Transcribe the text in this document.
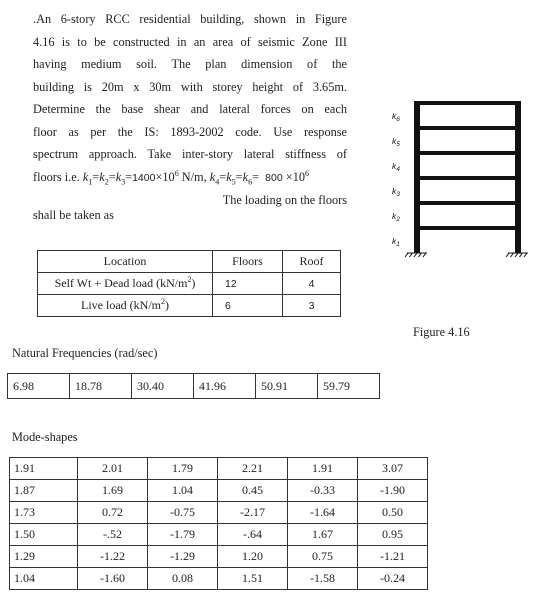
.An 6-story RCC residential building, shown in Figure
4.16 is to be constructed in an area of seismic Zone III
having medium soil. The plan dimension of the
building is 20m x 30m with storey height of 3.65m.
Determine the base shear and lateral forces on each
floor as per the IS: 1893-2002 code. Use response
spectrum approach. Take inter-story lateral stiffness of
floors i.e. $k_1=k_2=k_3=1400\times 10^6$ N/m, $k_4=k_5=k_6= 800 \times 10^6$
The loading on the floors
shall be taken as
Location	Floors	Roof
Self Wt + Dead load $(kN/m^2)$	12	4
Live load $(kN/m^2)$	6	3
Natural Frequencies (rad/sec)
6.98	18.78	30.40	41.96	50.91	59.79
Mode-shapes
1.91	2.01	1.79	2.21	1.91	3.07
1.87	1.69	1.04	0.45	-0.33	-1.90
1.73	0.72	-0.75	-2.17	-1.64	0.50
1.50	-.52	-1.79	-.64	1.67	0.95
1.29	-1.22	-1.29	1.20	0.75	-1.21
1.04	-1.60	0.08	1.51	-1.58	-0.24
$k_6$
$k_5$
$k_4$
$k_3$
$k_2$
$k_1$
Figure 4.16
